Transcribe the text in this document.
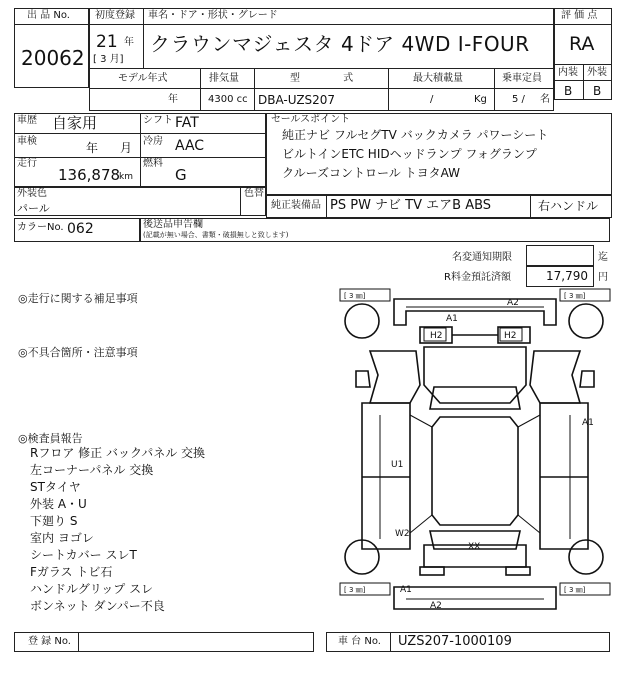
出 品 No.
20062
初度登録 車名・ドア・形状・グレード
21 年
[ 3 月]
クラウンマジェスタ 4ドア 4WD I-FOUR
モデル年式	排気量	型 式	最大積載量	乗車定員
年	4300 cc DBA-UZS207	/	Kg	5 / 名
評 価 点
RA
内装 外装
B B
車歴 自家用	シフト FAT
車検	年 月 冷房 AAC
走行
136,878
km
燃料
G
外装色
パール
色替
カラーNo. 062	後送品申告欄
(記載が無い場合、書類・破損無しと致します)
セールスポイント
純正ナビ フルセグTV バックカメラ パワーシート
ビルトインETC HIDヘッドランプ フォグランプ
クルーズコントロール トヨタAW
純正装備品 PS PW ナビ TV エアB ABS	右ハンドル
名変通知期限	迄
R料金預託済額	17,790 円
◎走行に関する補足事項
◎不具合箇所・注意事項
◎検査員報告
Rフロア 修正 バックパネル 交換
左コーナーパネル 交換
STタイヤ
外装 A・U
下廻り S
室内 ヨゴレ
シートカバー スレT
Fガラス トビ石
ハンドルグリップ スレ
ボンネット ダンパー不良
[ 3 ㎜]	[ 3 ㎜]
[ 3 ㎜]	[ 3 ㎜]
A2
A1
H2	H2
A1
U1
W2
XX
A1
A2
登 録 No.	車 台 No. UZS207-1000109
